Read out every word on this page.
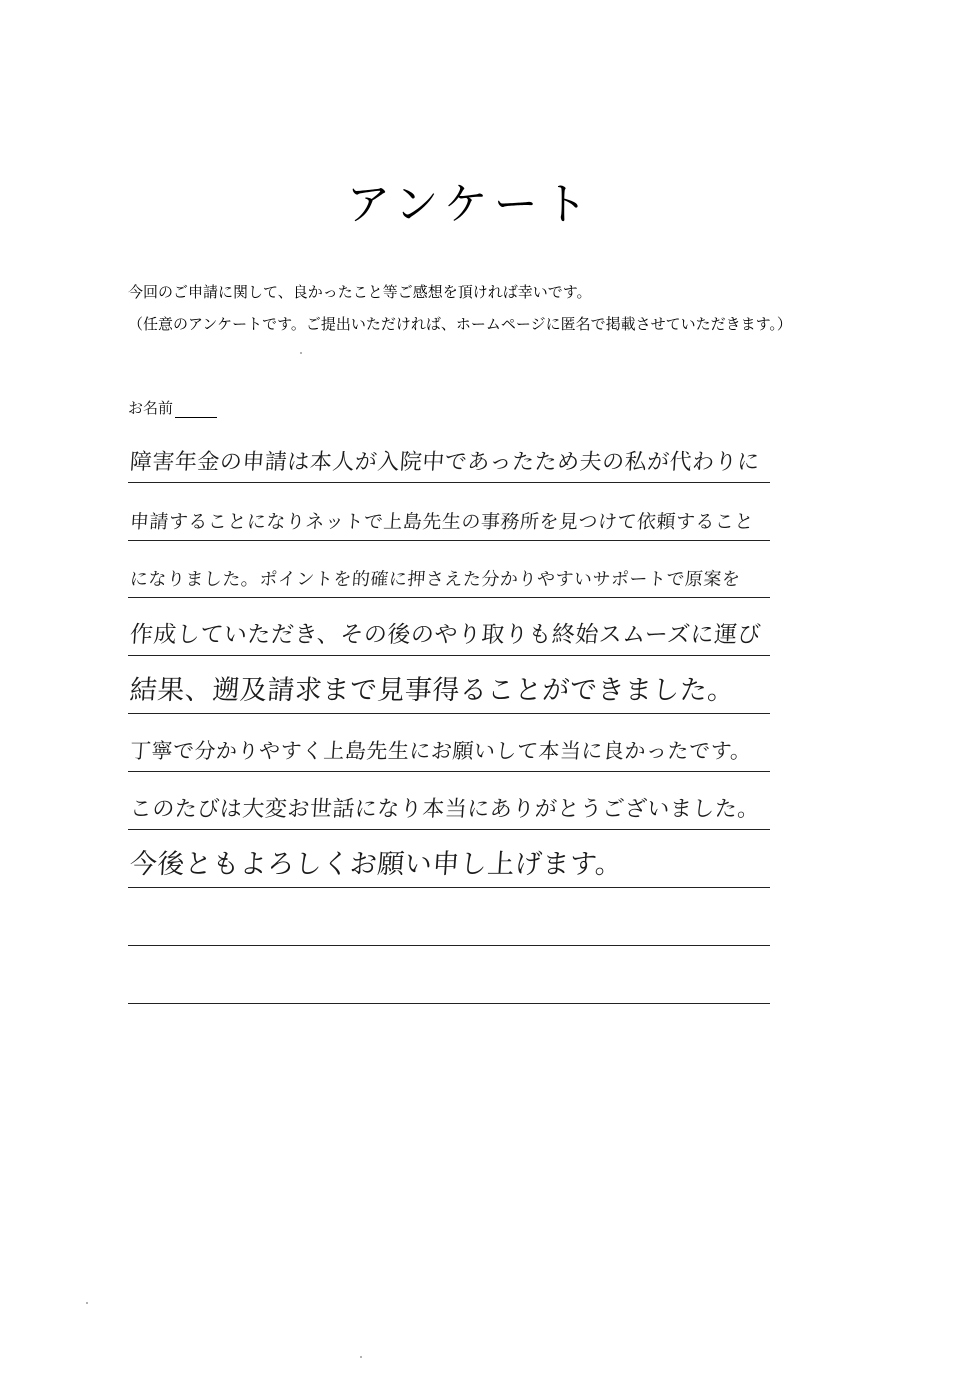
アンケート
今回のご申請に関して、良かったこと等ご感想を頂ければ幸いです。
（任意のアンケートです。ご提出いただければ、ホームページに匿名で掲載させていただきます。）
お名前
障害年金の申請は本人が入院中であったため夫の私が代わりに
申請することになりネットで上島先生の事務所を見つけて依頼すること
になりました。ポイントを的確に押さえた分かりやすいサポートで原案を
作成していただき、その後のやり取りも終始スムーズに運び
結果、遡及請求まで見事得ることができました。
丁寧で分かりやすく上島先生にお願いして本当に良かったです。
このたびは大変お世話になり本当にありがとうございました。
今後ともよろしくお願い申し上げます。
